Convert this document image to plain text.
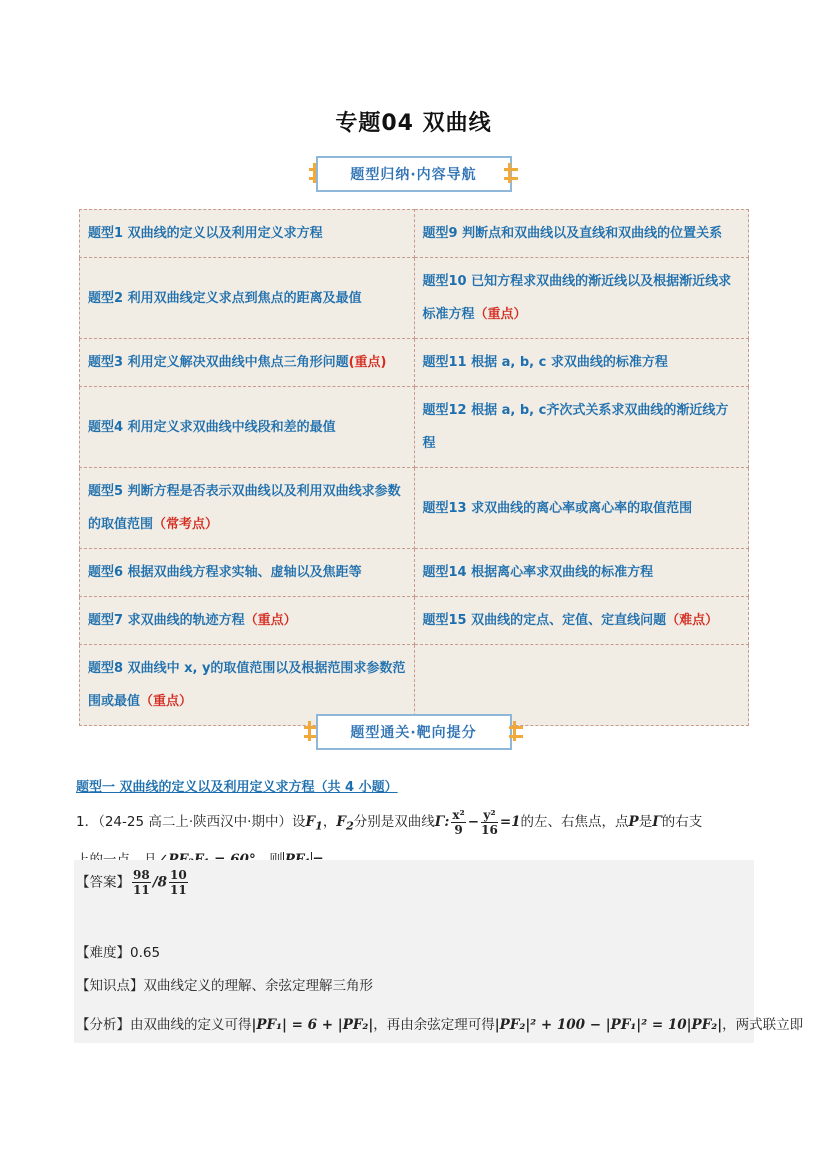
专题04 双曲线
题型归纳·内容导航
题型1 双曲线的定义以及利用定义求方程	题型9 判断点和双曲线以及直线和双曲线的位置关系
题型2 利用双曲线定义求点到焦点的距离及最值	题型10 已知方程求双曲线的渐近线以及根据渐近线求标准方程（重点）
题型3 利用定义解决双曲线中焦点三角形问题(重点)	题型11 根据 a, b, c 求双曲线的标准方程
题型4 利用定义求双曲线中线段和差的最值	题型12 根据 a, b, c齐次式关系求双曲线的渐近线方程
题型5 判断方程是否表示双曲线以及利用双曲线求参数的取值范围（常考点）	题型13 求双曲线的离心率或离心率的取值范围
题型6 根据双曲线方程求实轴、虚轴以及焦距等	题型14 根据离心率求双曲线的标准方程
题型7 求双曲线的轨迹方程（重点）	题型15 双曲线的定点、定值、定直线问题（难点）
题型8 双曲线中 x, y的取值范围以及根据范围求参数范围或最值（重点）	
题型通关·靶向提分
题型一 双曲线的定义以及利用定义求方程（共 4 小题）
1．（24-25 高二上·陕西汉中·期中）设$F_1$，$F_2$分别是双曲线Γ: $\frac{\text{x²}}{9} - \frac{\text{y²}}{16} =1$的左、右焦点，点P是Γ的右支
【答案】 $\frac{98}{11} /8 \frac{10}{11}$
【难度】0.65
【知识点】双曲线定义的理解、余弦定理解三角形
【分析】由双曲线的定义可得|PF₁| = 6 + |PF₂|，再由余弦定理可得|PF₂|² + 100 − |PF₁|² = 10|PF₂|，两式联立即
